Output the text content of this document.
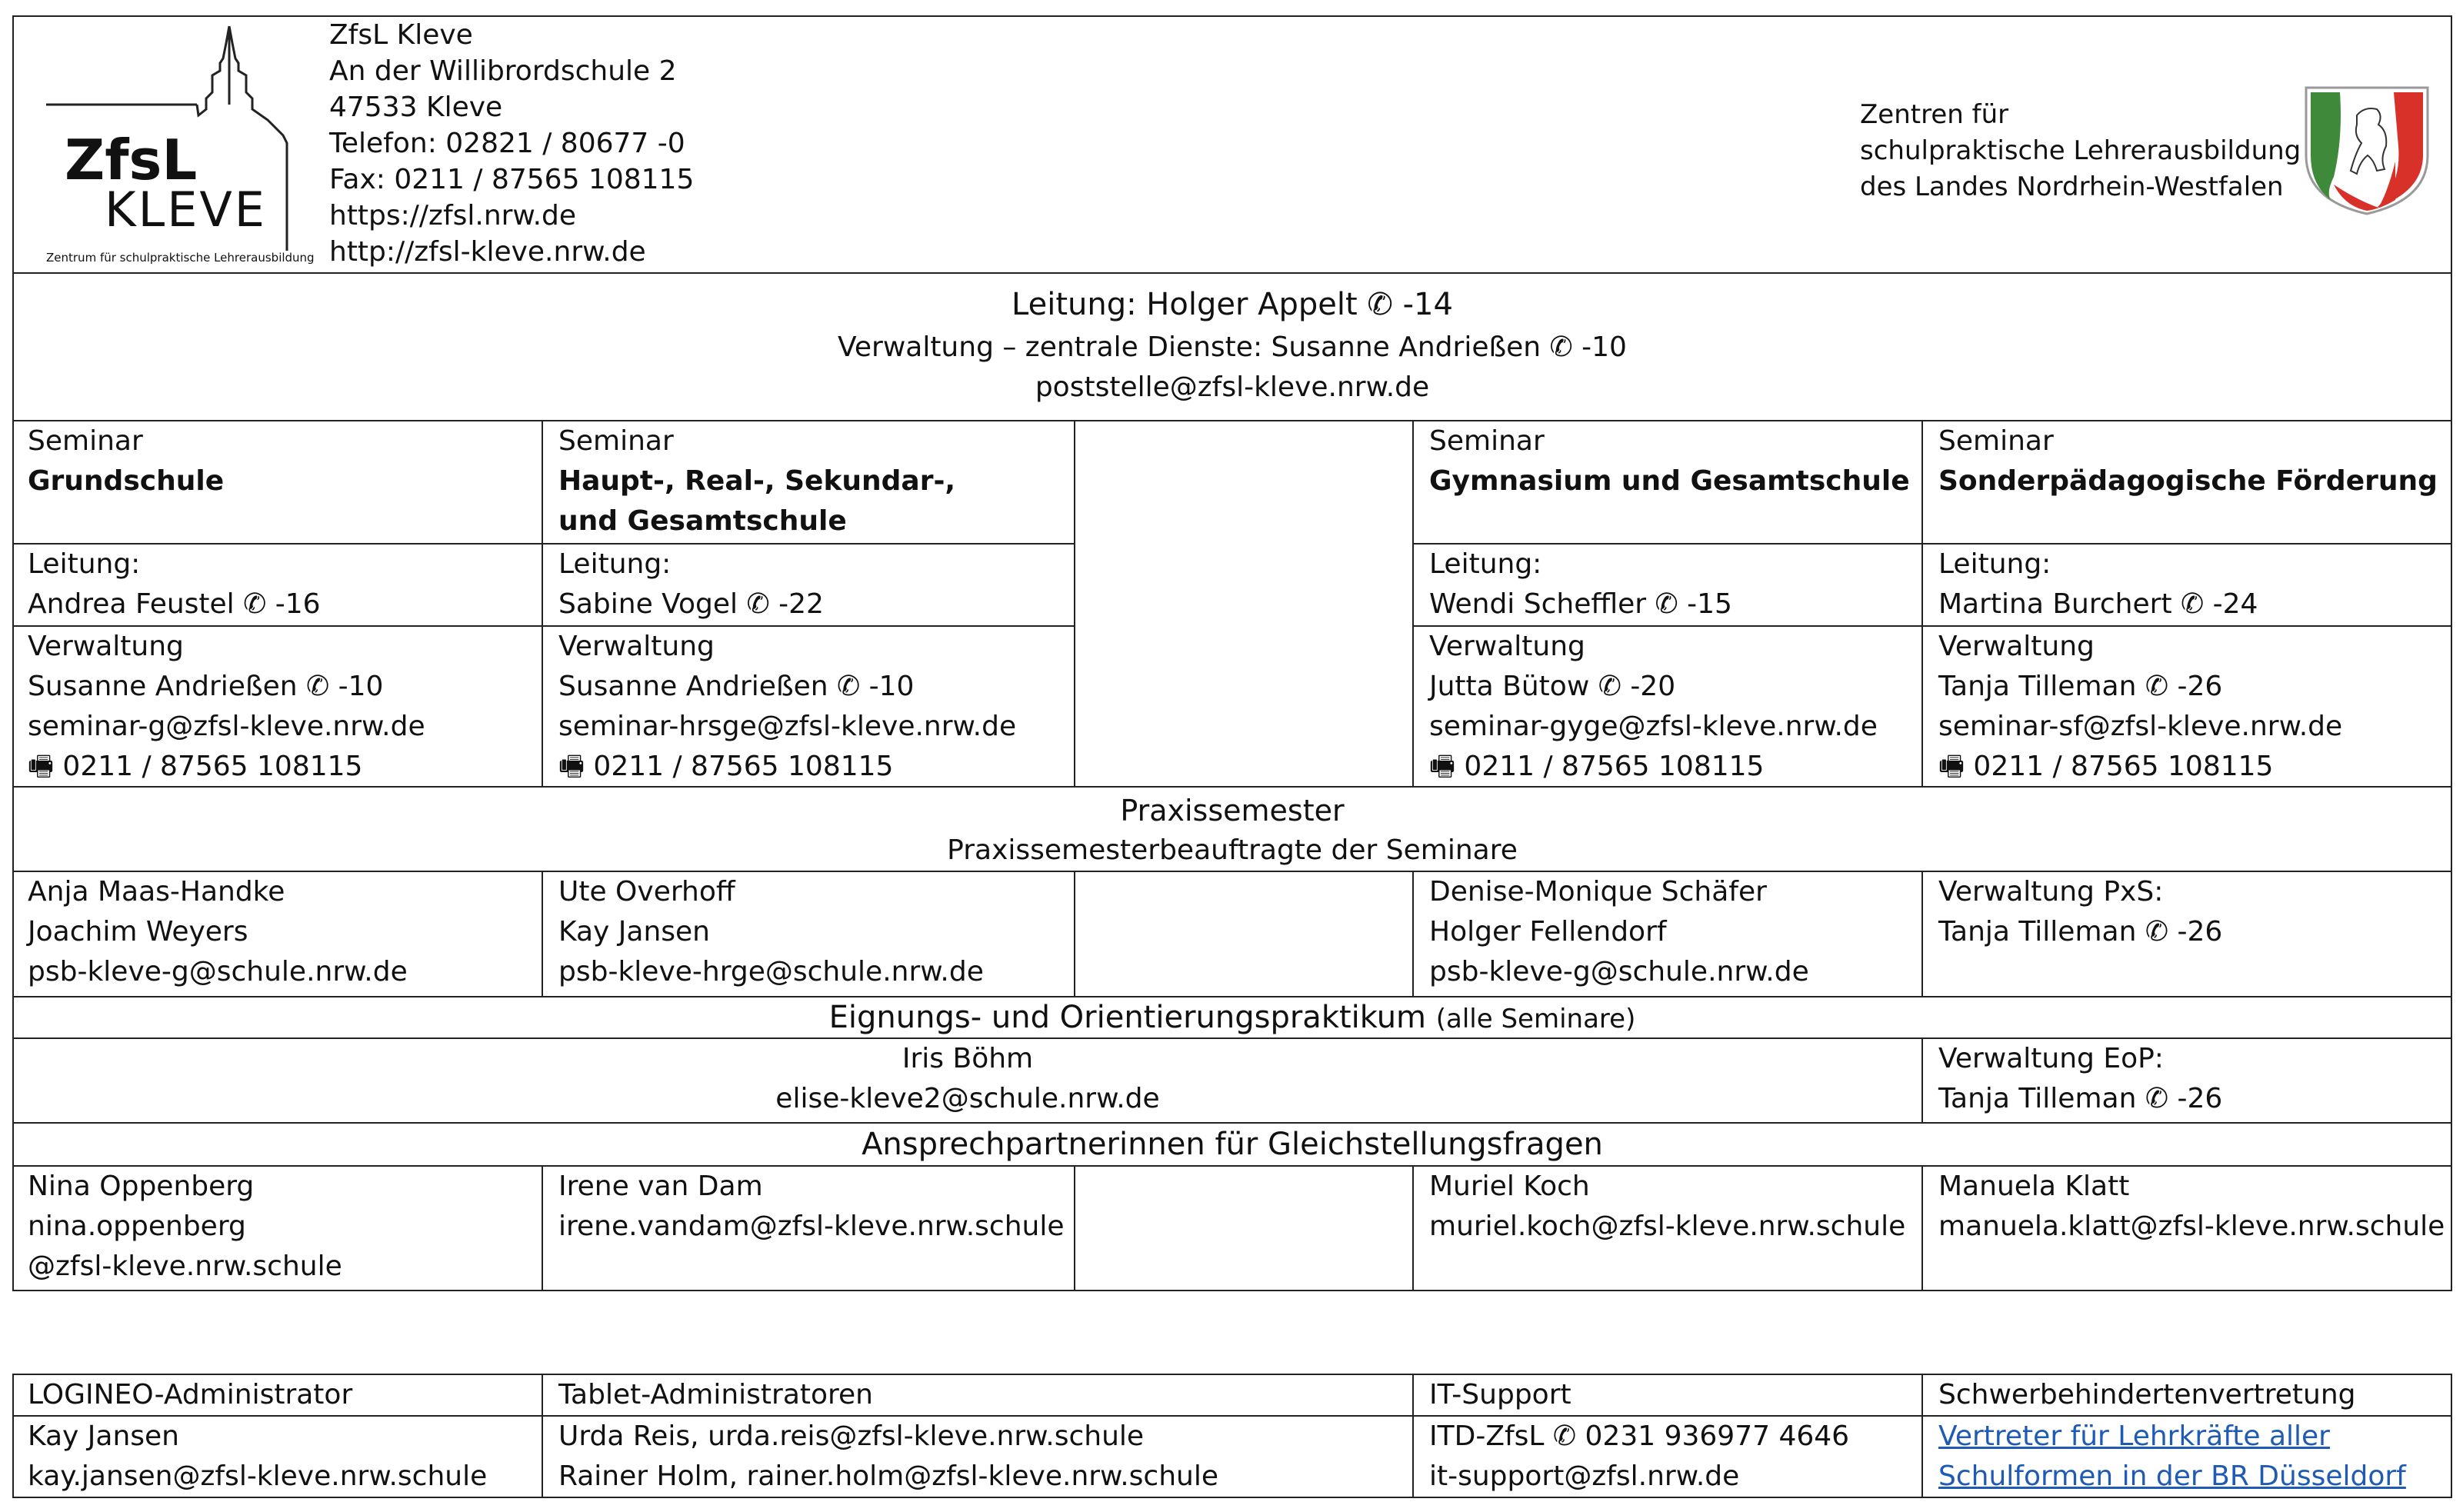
ZfsL
KLEVE
Zentrum für schulpraktische Lehrerausbildung
ZfsL Kleve
An der Willibrordschule 2
47533 Kleve
Telefon: 02821 / 80677 -0
Fax: 0211 / 87565 108115
https://zfsl.nrw.de
http://zfsl-kleve.nrw.de
Zentren für
schulpraktische Lehrerausbildung
des Landes Nordrhein-Westfalen
Leitung: Holger Appelt ✆ -14
Verwaltung – zentrale Dienste: Susanne Andrießen ✆ -10
poststelle@zfsl-kleve.nrw.de
Seminar
Grundschule
Leitung:
Andrea Feustel ✆ -16
Verwaltung
Susanne Andrießen ✆ -10
seminar-g@zfsl-kleve.nrw.de
🖷 0211 / 87565 108115
Seminar
Haupt-, Real-, Sekundar-,
und Gesamtschule
Leitung:
Sabine Vogel ✆ -22
Verwaltung
Susanne Andrießen ✆ -10
seminar-hrsge@zfsl-kleve.nrw.de
🖷 0211 / 87565 108115
Seminar
Gymnasium und Gesamtschule
Leitung:
Wendi Scheffler ✆ -15
Verwaltung
Jutta Bütow ✆ -20
seminar-gyge@zfsl-kleve.nrw.de
🖷 0211 / 87565 108115
Seminar
Sonderpädagogische Förderung
Leitung:
Martina Burchert ✆ -24
Verwaltung
Tanja Tilleman ✆ -26
seminar-sf@zfsl-kleve.nrw.de
🖷 0211 / 87565 108115
Praxissemester
Praxissemesterbeauftragte der Seminare
Anja Maas-Handke
Joachim Weyers
psb-kleve-g@schule.nrw.de
Ute Overhoff
Kay Jansen
psb-kleve-hrge@schule.nrw.de
Denise-Monique Schäfer
Holger Fellendorf
psb-kleve-g@schule.nrw.de
Verwaltung PxS:
Tanja Tilleman ✆ -26
Eignungs- und Orientierungspraktikum (alle Seminare)
Iris Böhm
elise-kleve2@schule.nrw.de
Verwaltung EoP:
Tanja Tilleman ✆ -26
Ansprechpartnerinnen für Gleichstellungsfragen
Nina Oppenberg
nina.oppenberg
@zfsl-kleve.nrw.schule
Irene van Dam
irene.vandam@zfsl-kleve.nrw.schule
Muriel Koch
muriel.koch@zfsl-kleve.nrw.schule
Manuela Klatt
manuela.klatt@zfsl-kleve.nrw.schule
LOGINEO-Administrator
Kay Jansen
kay.jansen@zfsl-kleve.nrw.schule
Tablet-Administratoren
Urda Reis, urda.reis@zfsl-kleve.nrw.schule
Rainer Holm, rainer.holm@zfsl-kleve.nrw.schule
IT-Support
ITD-ZfsL ✆ 0231 936977 4646
it-support@zfsl.nrw.de
Schwerbehindertenvertretung
Vertreter für Lehrkräfte aller
Schulformen in der BR Düsseldorf
